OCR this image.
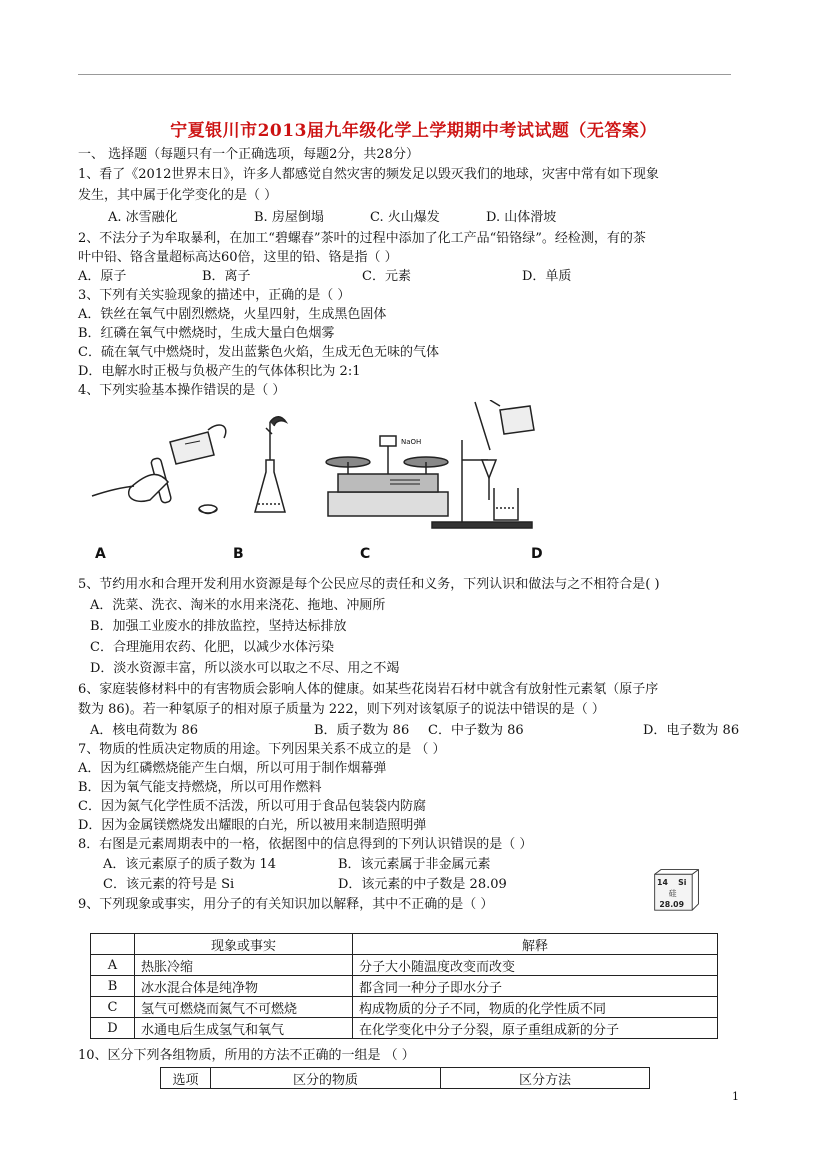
宁夏银川市2013届九年级化学上学期期中考试试题（无答案）
一、 选择题（每题只有一个正确选项，每题2分，共28分）
1、看了《2012世界末日》，许多人都感觉自然灾害的频发足以毁灭我们的地球，灾害中常有如下现象
发生，其中属于化学变化的是（ ）
A. 冰雪融化	B. 房屋倒塌	C. 火山爆发	D. 山体滑坡
2、不法分子为牟取暴利，在加工“碧螺春”茶叶的过程中添加了化工产品“铅铬绿”。经检测，有的茶
叶中铅、铬含量超标高达60倍，这里的铅、铬是指（ ）
A．原子	B．离子	C．元素	D．单质
3、下列有关实验现象的描述中，正确的是（ ）
A．铁丝在氧气中剧烈燃烧，火星四射，生成黑色固体
B．红磷在氧气中燃烧时，生成大量白色烟雾
C．硫在氧气中燃烧时，发出蓝紫色火焰，生成无色无味的气体
D．电解水时正极与负极产生的气体体积比为 2:1
4、下列实验基本操作错误的是（ ）
NaOH
A	B	C	D
5、节约用水和合理开发利用水资源是每个公民应尽的责任和义务，下列认识和做法与之不相符合是( )
A．洗菜、洗衣、淘米的水用来浇花、拖地、冲厕所
B．加强工业废水的排放监控，坚持达标排放
C．合理施用农药、化肥，以减少水体污染
D．淡水资源丰富，所以淡水可以取之不尽、用之不竭
6、家庭装修材料中的有害物质会影响人体的健康。如某些花岗岩石材中就含有放射性元素氡（原子序
数为 86)。若一种氡原子的相对原子质量为 222，则下列对该氡原子的说法中错误的是（ ）
A．核电荷数为 86	B．质子数为 86 C．中子数为 86	D．电子数为 86
7、物质的性质决定物质的用途。下列因果关系不成立的是 （ ）
A．因为红磷燃烧能产生白烟，所以可用于制作烟幕弹
B．因为氧气能支持燃烧，所以可用作燃料
C．因为氮气化学性质不活泼，所以可用于食品包装袋内防腐
D．因为金属镁燃烧发出耀眼的白光，所以被用来制造照明弹
8．右图是元素周期表中的一格，依据图中的信息得到的下列认识错误的是（ ）
A．该元素原子的质子数为 14	B．该元素属于非金属元素
C．该元素的符号是 Si	D．该元素的中子数是 28.09	14 Si
硅
28.09
9、下列现象或事实，用分子的有关知识加以解释，其中不正确的是（ ）
	现象或事实	解释
A	热胀冷缩	分子大小随温度改变而改变
B	冰水混合体是纯净物	都含同一种分子即水分子
C	氢气可燃烧而氮气不可燃烧	构成物质的分子不同，物质的化学性质不同
D	水通电后生成氢气和氧气	在化学变化中分子分裂，原子重组成新的分子
10、区分下列各组物质，所用的方法不正确的一组是 （ ）
选项	区分的物质	区分方法
1
